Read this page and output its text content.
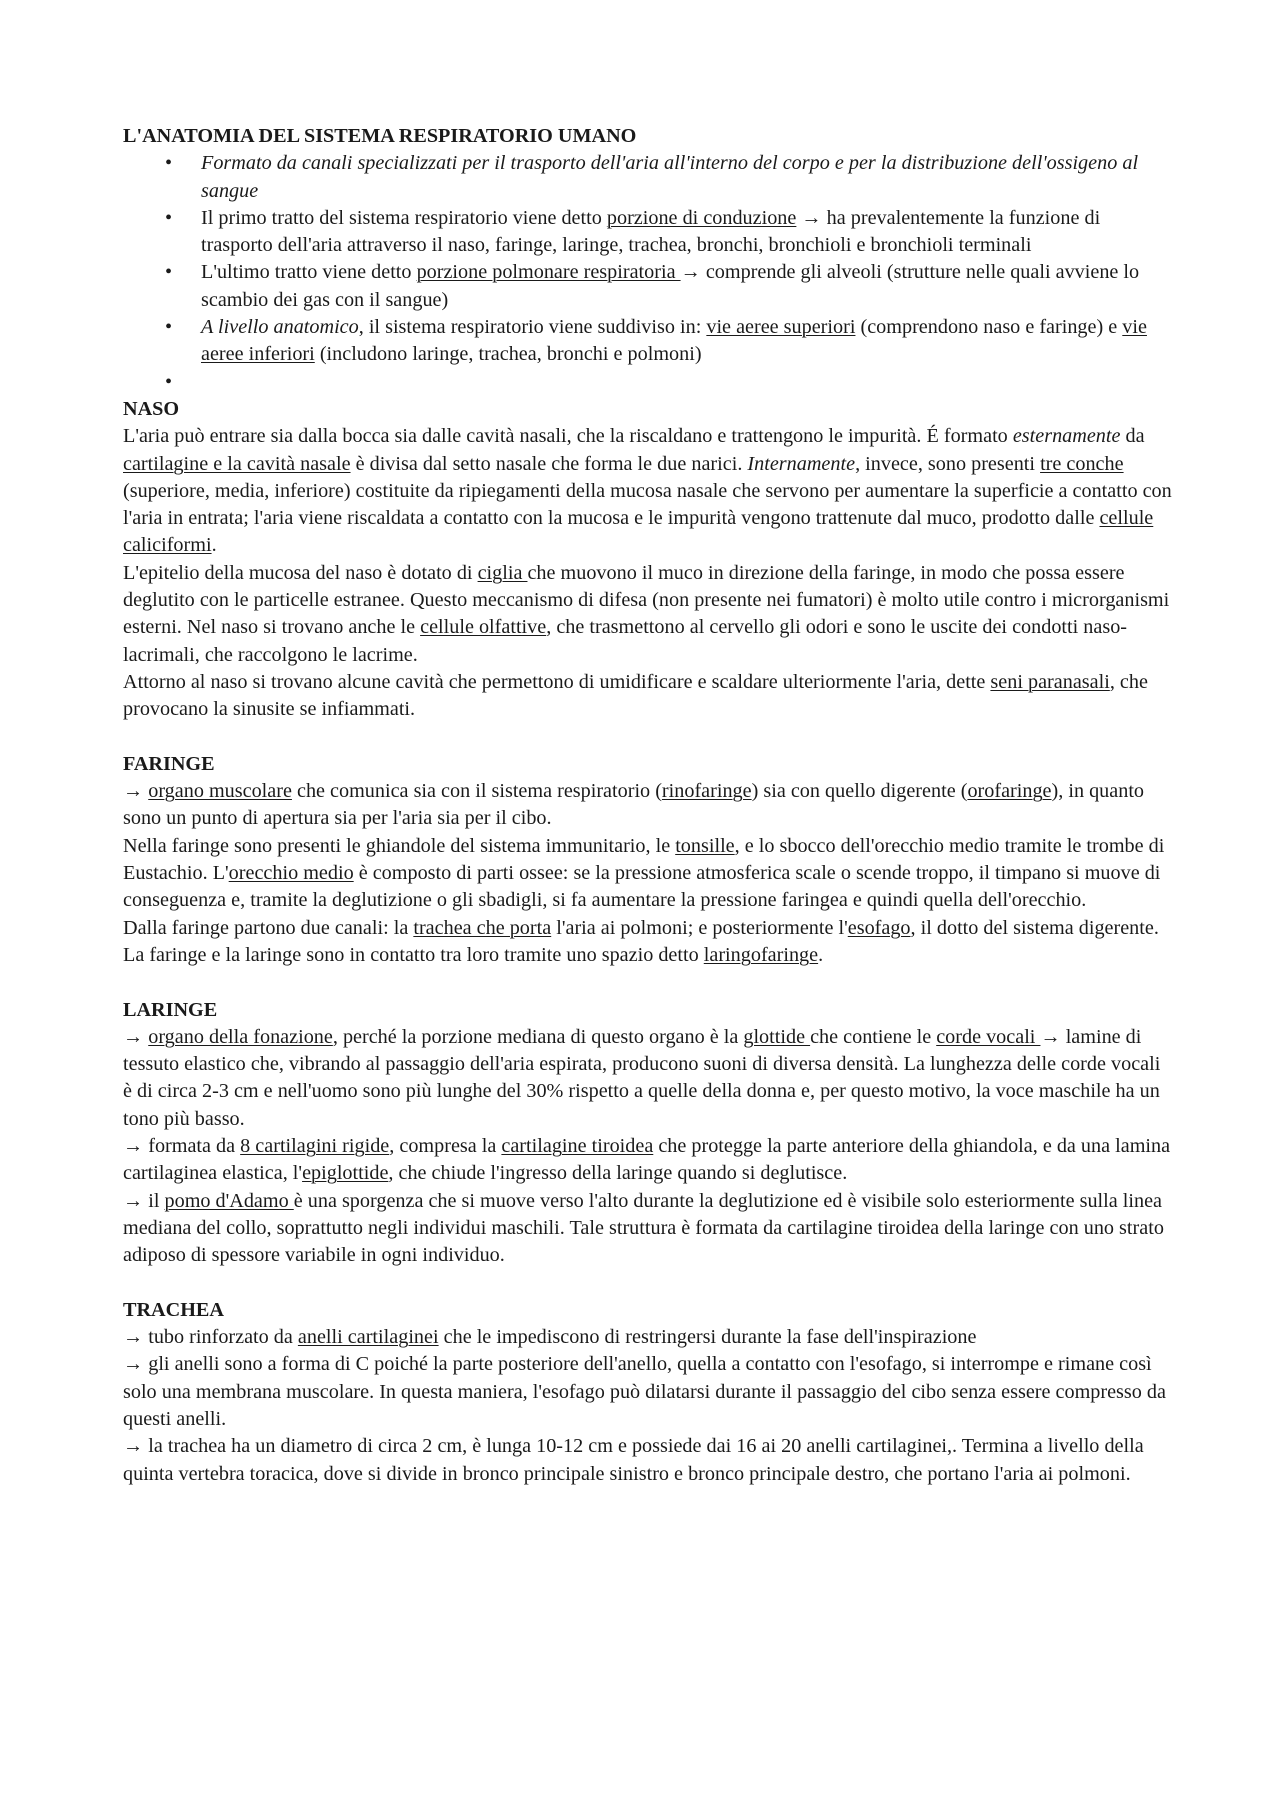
L'ANATOMIA DEL SISTEMA RESPIRATORIO UMANO

• Formato da canali specializzati per il trasporto dell'aria all'interno del corpo e per la distribuzione dell'ossigeno al sangue
• Il primo tratto del sistema respiratorio viene detto porzione di conduzione → ha prevalentemente la funzione di trasporto dell'aria attraverso il naso, faringe, laringe, trachea, bronchi, bronchioli e bronchioli terminali
• L'ultimo tratto viene detto porzione polmonare respiratoria → comprende gli alveoli (strutture nelle quali avviene lo scambio dei gas con il sangue)
• A livello anatomico, il sistema respiratorio viene suddiviso in: vie aeree superiori (comprendono naso e faringe) e vie aeree inferiori (includono laringe, trachea, bronchi e polmoni)
•

NASO

L'aria può entrare sia dalla bocca sia dalle cavità nasali, che la riscaldano e trattengono le impurità. É formato esternamente da cartilagine e la cavità nasale è divisa dal setto nasale che forma le due narici. Internamente, invece, sono presenti tre conche (superiore, media, inferiore) costituite da ripiegamenti della mucosa nasale che servono per aumentare la superficie a contatto con l'aria in entrata; l'aria viene riscaldata a contatto con la mucosa e le impurità vengono trattenute dal muco, prodotto dalle cellule caliciformi.

L'epitelio della mucosa del naso è dotato di ciglia che muovono il muco in direzione della faringe, in modo che possa essere deglutito con le particelle estranee. Questo meccanismo di difesa (non presente nei fumatori) è molto utile contro i microrganismi esterni. Nel naso si trovano anche le cellule olfattive, che trasmettono al cervello gli odori e sono le uscite dei condotti naso-lacrimali, che raccolgono le lacrime.

Attorno al naso si trovano alcune cavità che permettono di umidificare e scaldare ulteriormente l'aria, dette seni paranasali, che provocano la sinusite se infiammati.

FARINGE

→ organo muscolare che comunica sia con il sistema respiratorio (rinofaringe) sia con quello digerente (orofaringe), in quanto sono un punto di apertura sia per l'aria sia per il cibo.

Nella faringe sono presenti le ghiandole del sistema immunitario, le tonsille, e lo sbocco dell'orecchio medio tramite le trombe di Eustachio. L'orecchio medio è composto di parti ossee: se la pressione atmosferica scale o scende troppo, il timpano si muove di conseguenza e, tramite la deglutizione o gli sbadigli, si fa aumentare la pressione faringea e quindi quella dell'orecchio.

Dalla faringe partono due canali: la trachea che porta l'aria ai polmoni; e posteriormente l'esofago, il dotto del sistema digerente. La faringe e la laringe sono in contatto tra loro tramite uno spazio detto laringofaringe.

LARINGE

→ organo della fonazione, perché la porzione mediana di questo organo è la glottide che contiene le corde vocali → lamine di tessuto elastico che, vibrando al passaggio dell'aria espirata, producono suoni di diversa densità. La lunghezza delle corde vocali è di circa 2-3 cm e nell'uomo sono più lunghe del 30% rispetto a quelle della donna e, per questo motivo, la voce maschile ha un tono più basso.

→ formata da 8 cartilagini rigide, compresa la cartilagine tiroidea che protegge la parte anteriore della ghiandola, e da una lamina cartilaginea elastica, l'epiglottide, che chiude l'ingresso della laringe quando si deglutisce.

→ il pomo d'Adamo è una sporgenza che si muove verso l'alto durante la deglutizione ed è visibile solo esteriormente sulla linea mediana del collo, soprattutto negli individui maschili. Tale struttura è formata da cartilagine tiroidea della laringe con uno strato adiposo di spessore variabile in ogni individuo.

TRACHEA

→ tubo rinforzato da anelli cartilaginei che le impediscono di restringersi durante la fase dell'inspirazione

→ gli anelli sono a forma di C poiché la parte posteriore dell'anello, quella a contatto con l'esofago, si interrompe e rimane così solo una membrana muscolare. In questa maniera, l'esofago può dilatarsi durante il passaggio del cibo senza essere compresso da questi anelli.

→ la trachea ha un diametro di circa 2 cm, è lunga 10-12 cm e possiede dai 16 ai 20 anelli cartilaginei,. Termina a livello della quinta vertebra toracica, dove si divide in bronco principale sinistro e bronco principale destro, che portano l'aria ai polmoni.
